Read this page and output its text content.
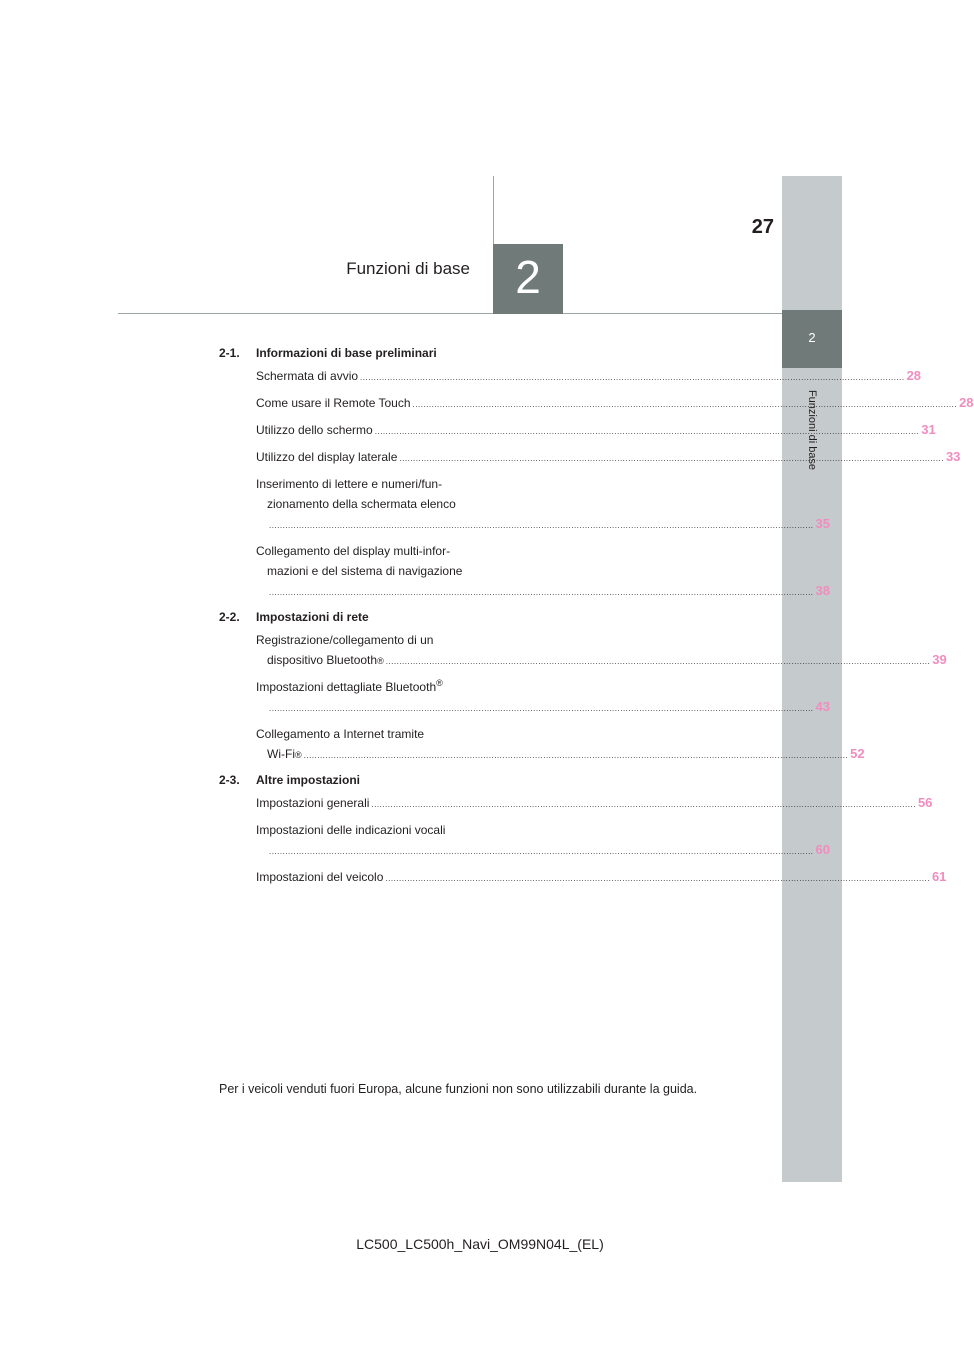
2
Funzioni di base
2
Funzioni di base
27
2-1.	Informazioni di base preliminari
Schermata di avvio ........................................................................................................................................................................................................ 28
Come usare il Remote Touch ........................................................................................................................................................................................................ 28
Utilizzo dello schermo ........................................................................................................................................................................................................ 31
Utilizzo del display laterale ........................................................................................................................................................................................................ 33
Inserimento di lettere e numeri/fun-
zionamento della schermata elenco
........................................................................................................................................................................................................ 35
Collegamento del display multi-infor-
mazioni e del sistema di navigazione
........................................................................................................................................................................................................ 38
2-2.	Impostazioni di rete
Registrazione/collegamento di un
dispositivo Bluetooth ® ........................................................................................................................................................................................................ 39
Impostazioni dettagliate Bluetooth®
........................................................................................................................................................................................................ 43
Collegamento a Internet tramite
Wi-Fi ® ........................................................................................................................................................................................................ 52
2-3.	Altre impostazioni
Impostazioni generali ........................................................................................................................................................................................................ 56
Impostazioni delle indicazioni vocali
........................................................................................................................................................................................................ 60
Impostazioni del veicolo ........................................................................................................................................................................................................ 61
Per i veicoli venduti fuori Europa, alcune funzioni non sono utilizzabili durante la guida.
LC500_LC500h_Navi_OM99N04L_(EL)
